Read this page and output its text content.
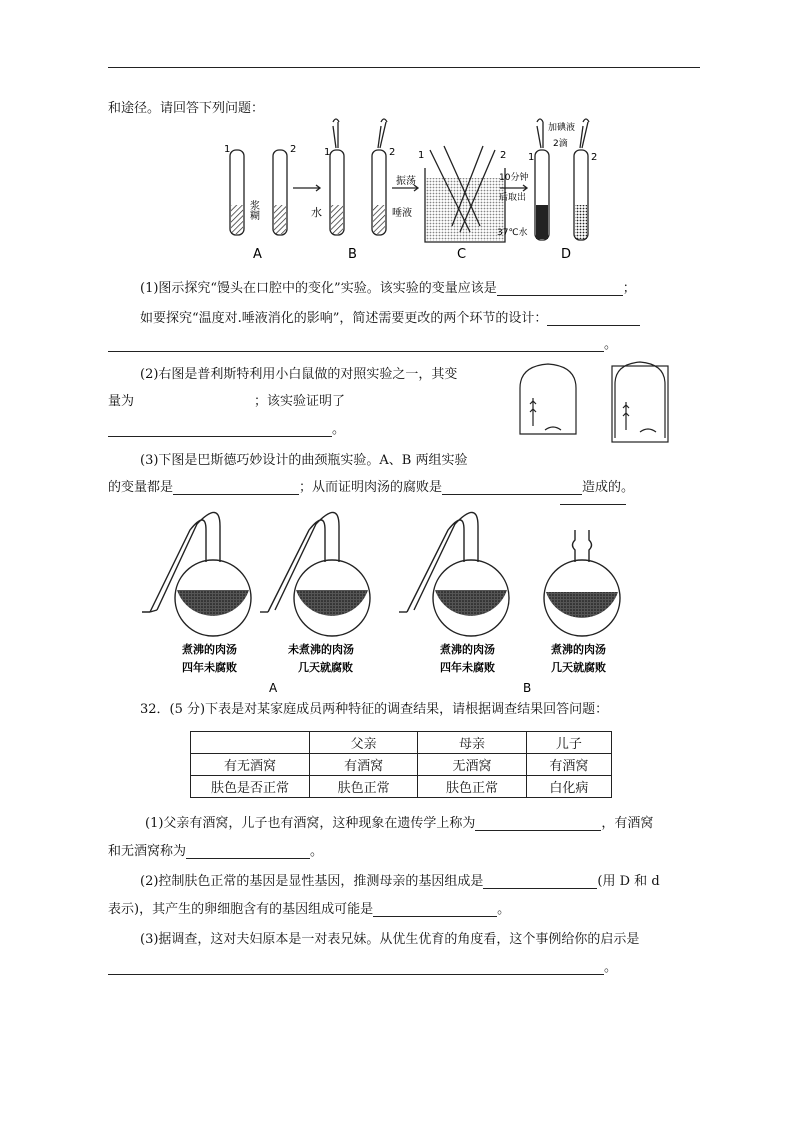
和途径。请回答下列问题：
1	2	1	2 1	2 1	2
浆糊	水	唾液
振荡	10分钟
后取出
37℃水
加碘液
2滴
A	B	C	D
(1)图示探究“馒头在口腔中的变化”实验。该实验的变量应该是	；
如要探究“温度对.唾液消化的影响”，简述需要更改的两个环节的设计：
。
(2)右图是普利斯特利用小白鼠做的对照实验之一，其变
量为	；该实验证明了
。
(3)下图是巴斯德巧妙设计的曲颈瓶实验。A、B 两组实验
的变量都是	；从而证明肉汤的腐败是	造成的。
煮沸的肉汤
四年未腐败
未煮沸的肉汤
几天就腐败
煮沸的肉汤
四年未腐败
煮沸的肉汤
几天就腐败
A	B
32．(5 分)下表是对某家庭成员两种特征的调查结果，请根据调查结果回答问题：
	父亲	母亲	儿子
有无酒窝	有酒窝	无酒窝	有酒窝
肤色是否正常	肤色正常	肤色正常	白化病
(1)父亲有酒窝，儿子也有酒窝，这种现象在遗传学上称为	，有酒窝
和无酒窝称为	。
(2)控制肤色正常的基因是显性基因，推测母亲的基因组成是	(用 D 和 d
表示)，其产生的卵细胞含有的基因组成可能是	。
(3)据调查，这对夫妇原本是一对表兄妹。从优生优育的角度看，这个事例给你的启示是
。
